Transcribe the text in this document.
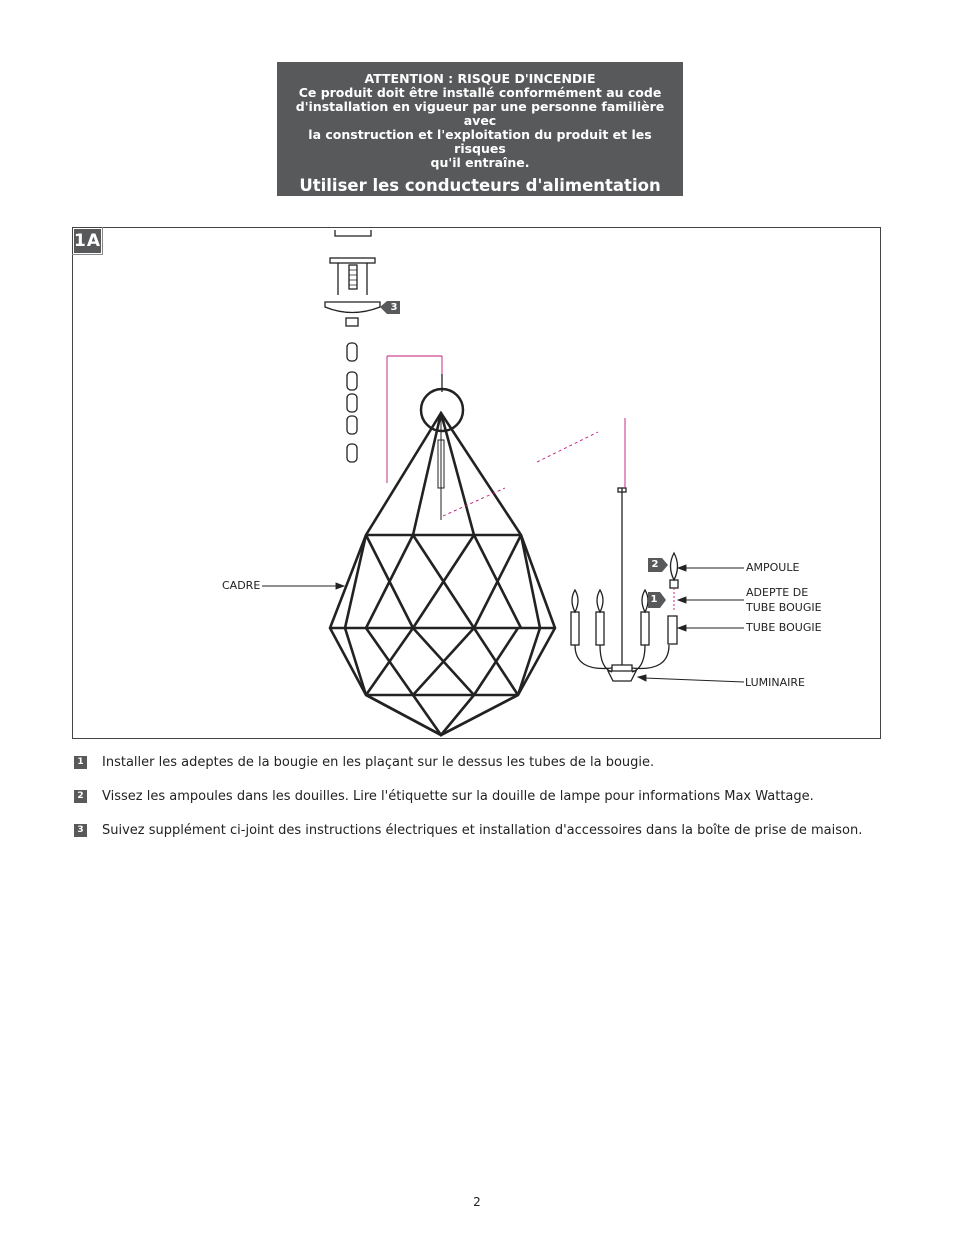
ATTENTION : RISQUE D'INCENDIE
Ce produit doit être installé conformément au code
d'installation en vigueur par une personne familière avec
la construction et l'exploitation du produit et les risques
qu'il entraîne.
Utiliser les conducteurs d'alimentation
supérieure à 90° c.
1A
3
2
1
CADRE
AMPOULE
ADEPTE DE
TUBE BOUGIE
TUBE BOUGIE
LUMINAIRE
1 Installer les adeptes de la bougie en les plaçant sur le dessus les tubes de la bougie.
2 Vissez les ampoules dans les douilles. Lire l'étiquette sur la douille de lampe pour informations Max Wattage.
3 Suivez supplément ci-joint des instructions électriques et installation d'accessoires dans la boîte de prise de maison.
2
